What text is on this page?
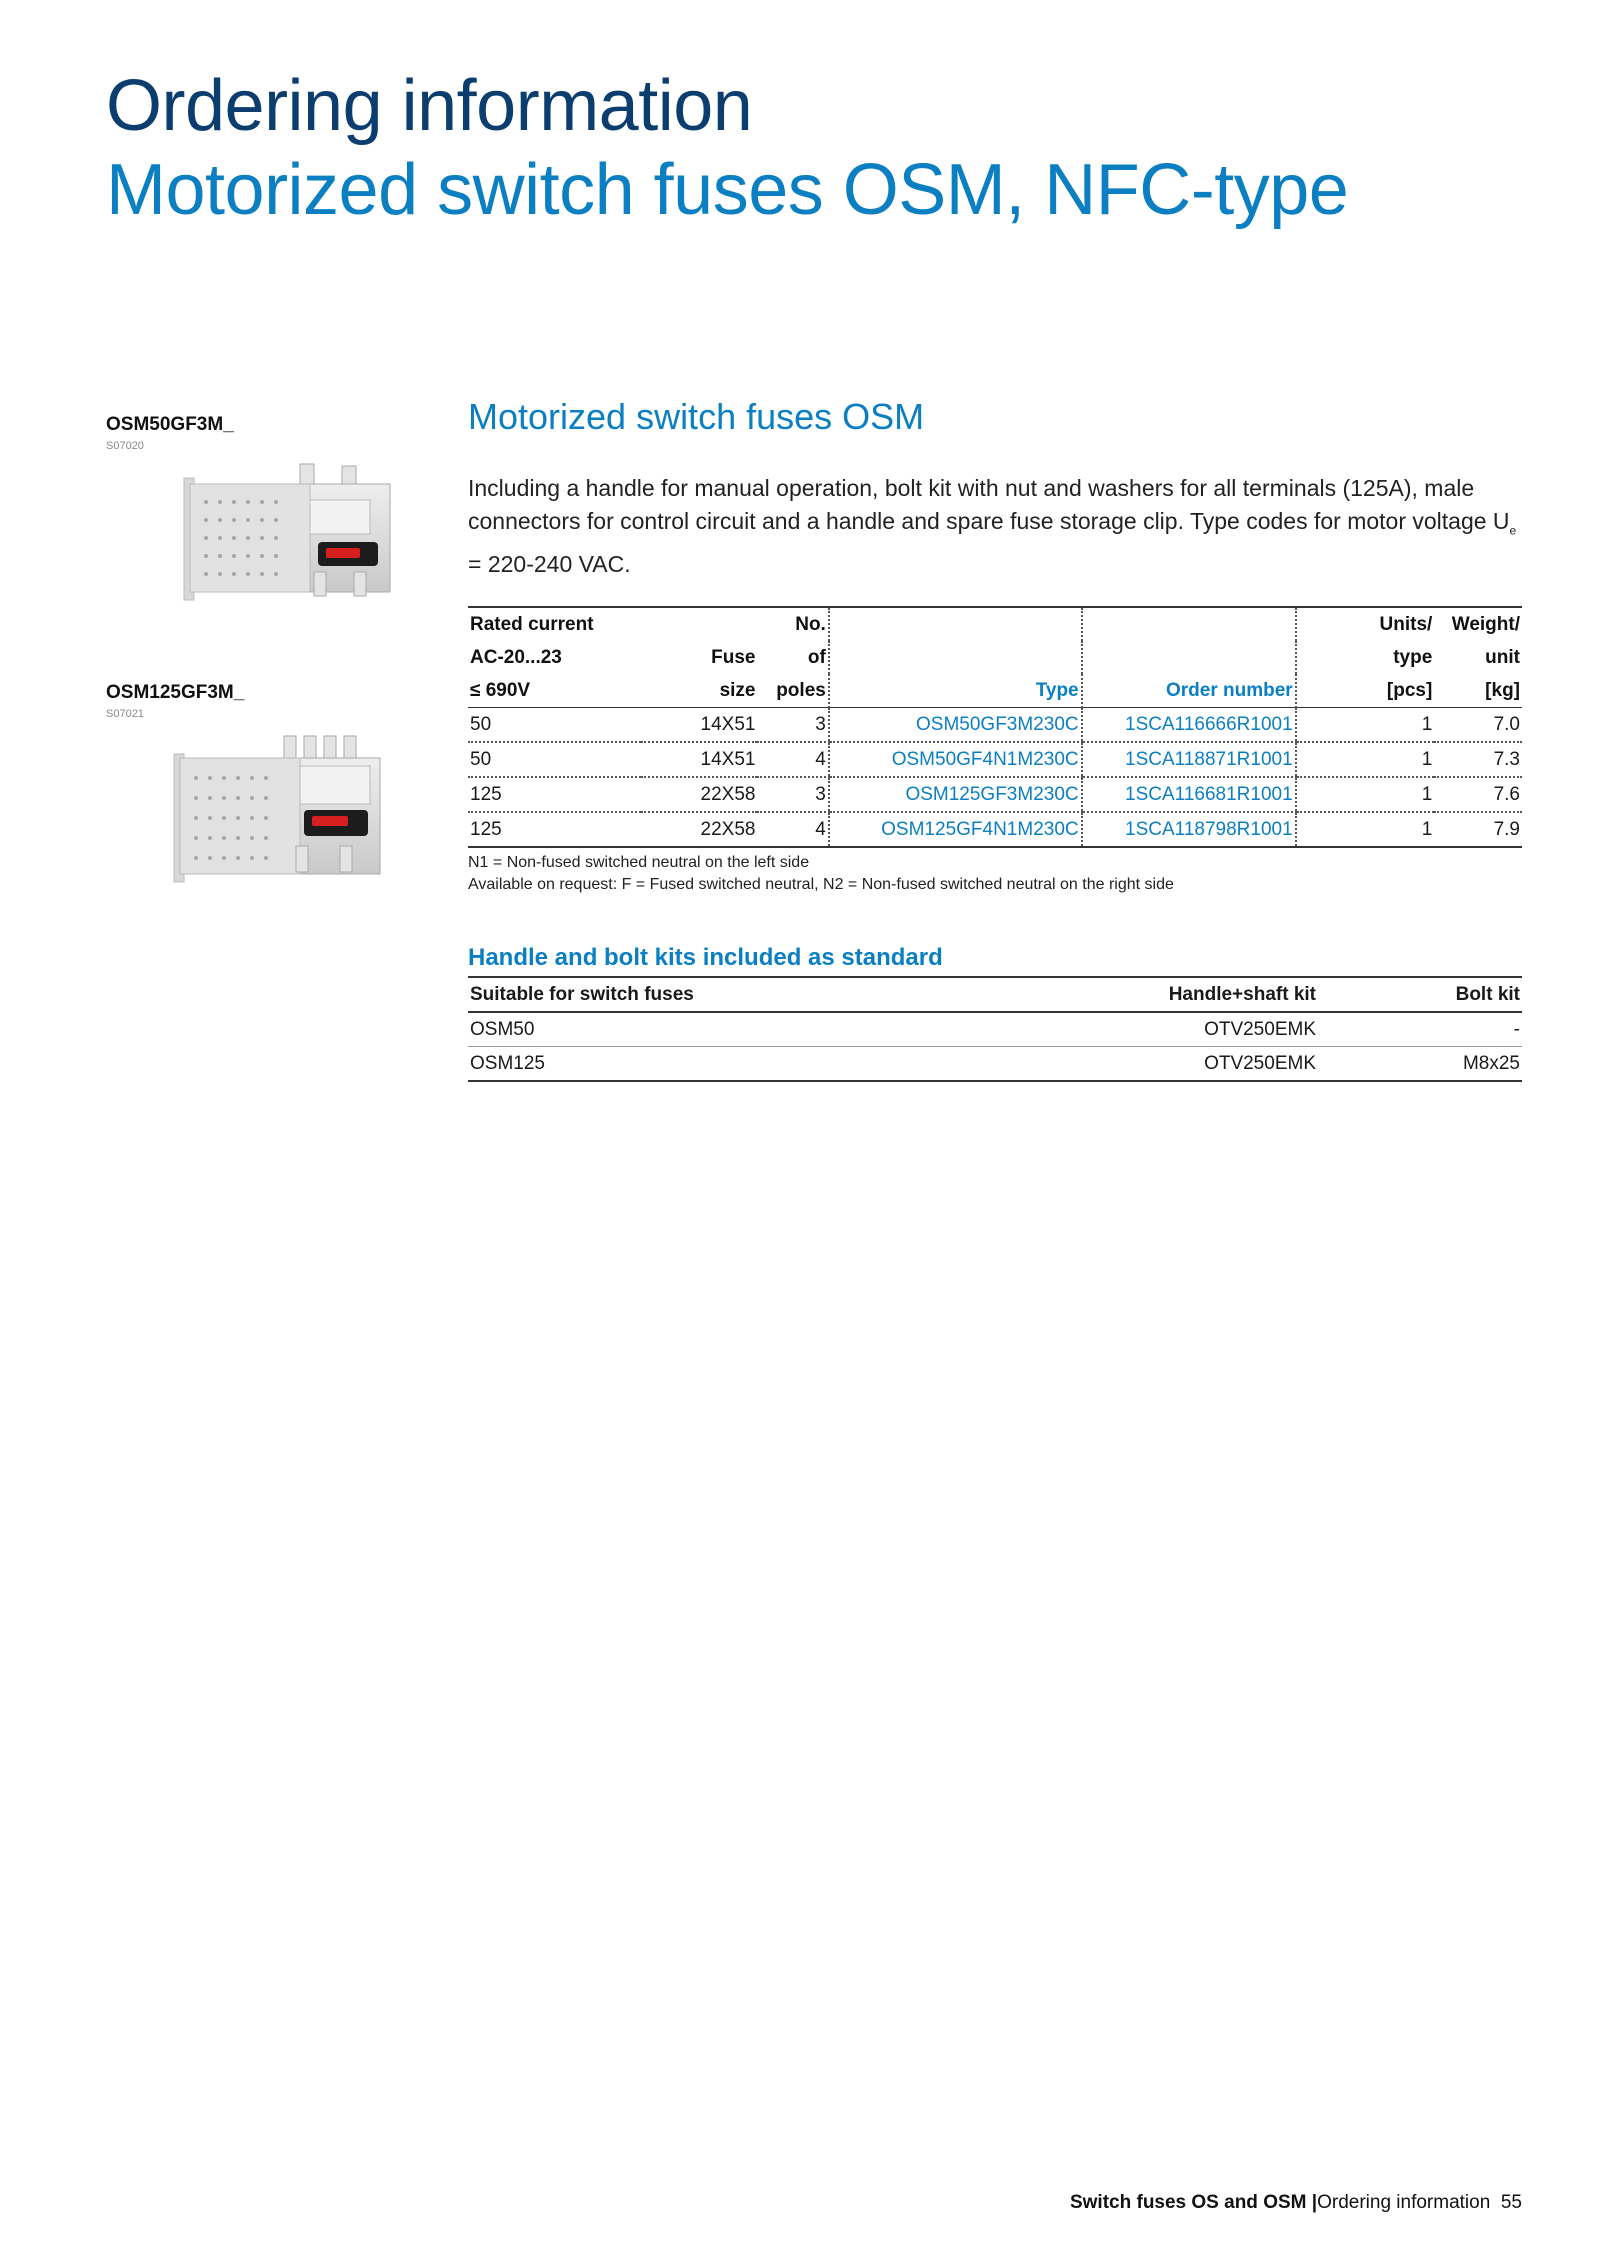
Ordering information
Motorized switch fuses OSM, NFC-type
OSM50GF3M_
S07020
OSM125GF3M_
S07021
Motorized switch fuses OSM
Including a handle for manual operation, bolt kit with nut and washers for all terminals (125A), male connectors for control circuit and a handle and spare fuse storage clip. Type codes for motor voltage $U_e = 220-240$ VAC.
Rated current		No.			Units/	Weight/
AC-20...23	Fuse	of			type	unit
≤ 690V	size	poles	Type	Order number	[pcs]	[kg]
50	14X51	3	OSM50GF3M230C	1SCA116666R1001	1	7.0
50	14X51	4	OSM50GF4N1M230C	1SCA118871R1001	1	7.3
125	22X58	3	OSM125GF3M230C	1SCA116681R1001	1	7.6
125	22X58	4	OSM125GF4N1M230C	1SCA118798R1001	1	7.9
N1 = Non-fused switched neutral on the left side
Available on request: F = Fused switched neutral, N2 = Non-fused switched neutral on the right side
Handle and bolt kits included as standard
Suitable for switch fuses	Handle+shaft kit	Bolt kit
OSM50	OTV250EMK	-
OSM125	OTV250EMK	M8x25
Switch fuses OS and OSM |Ordering information 55
